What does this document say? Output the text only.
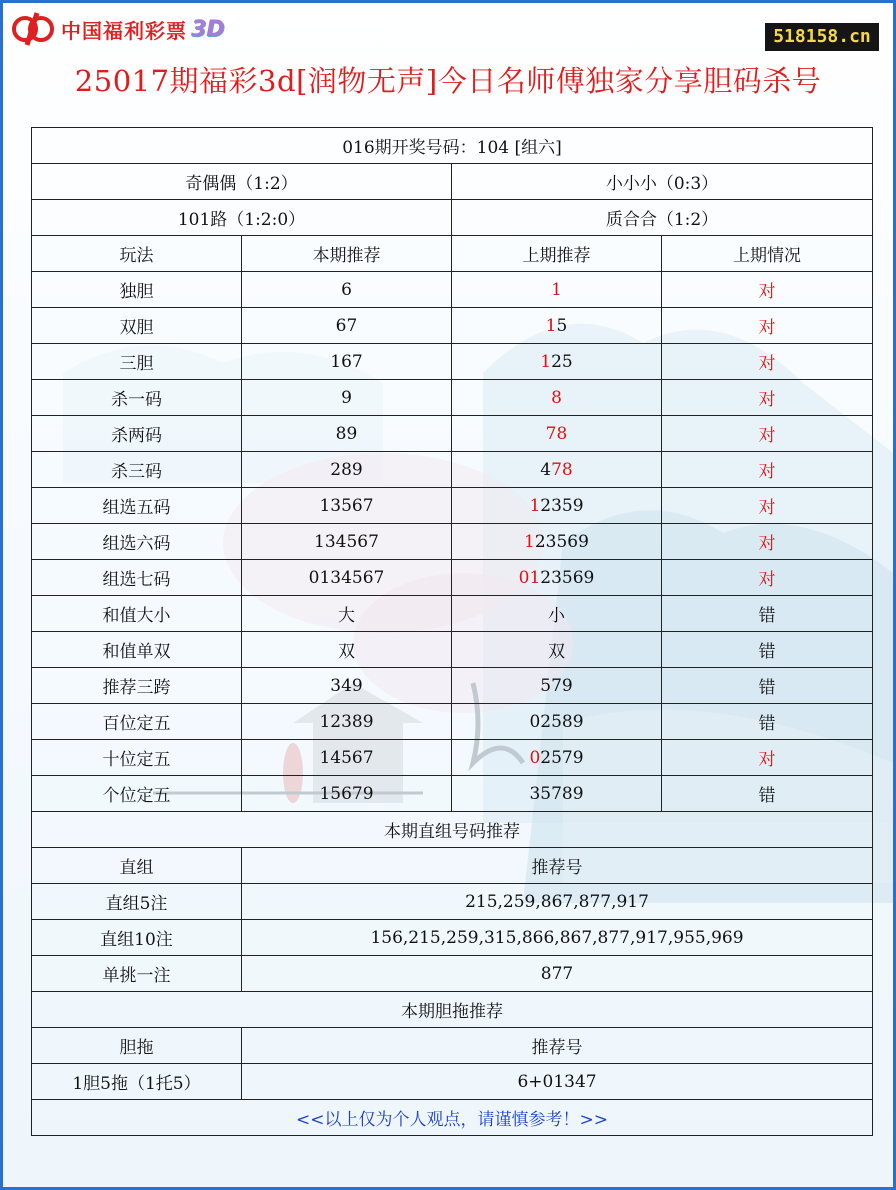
中国福利彩票 3D	518158.cn
25017期福彩3d[润物无声]今日名师傅独家分享胆码杀号
016期开奖号码：104 [组六]			
奇偶偶（1:2）		小小小（0:3）	
101路（1:2:0）		质合合（1:2）	
玩法	本期推荐	上期推荐	上期情况
独胆	6	1	对
双胆	67	15	对
三胆	167	125	对
杀一码	9	8	对
杀两码	89	78	对
杀三码	289	478	对
组选五码	13567	12359	对
组选六码	134567	123569	对
组选七码	0134567	0123569	对
和值大小	大	小	错
和值单双	双	双	错
推荐三跨	349	579	错
百位定五	12389	02589	错
十位定五	14567	02579	对
个位定五	15679	35789	错
本期直组号码推荐			
直组	推荐号		
直组5注	215,259,867,877,917		
直组10注	156,215,259,315,866,867,877,917,955,969		
单挑一注	877		
本期胆拖推荐			
胆拖	推荐号		
1胆5拖（1托5）	6+01347		
<<以上仅为个人观点，请谨慎参考！>>			
